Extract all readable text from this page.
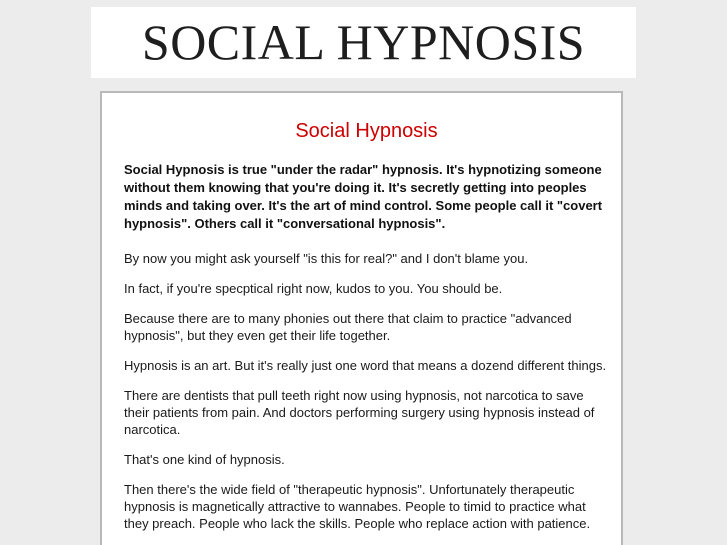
SOCIAL HYPNOSIS
Social Hypnosis

Social Hypnosis is true "under the radar" hypnosis. It's hypnotizing someone without them knowing that you're doing it. It's secretly getting into peoples minds and taking over. It's the art of mind control. Some people call it "covert hypnosis". Others call it "conversational hypnosis".

By now you might ask yourself "is this for real?" and I don't blame you.

In fact, if you're specptical right now, kudos to you. You should be.

Because there are to many phonies out there that claim to practice "advanced hypnosis", but they even get their life together.

Hypnosis is an art. But it's really just one word that means a dozend different things.

There are dentists that pull teeth right now using hypnosis, not narcotica to save their patients from pain. And doctors performing surgery using hypnosis instead of narcotica.

That's one kind of hypnosis.

Then there's the wide field of "therapeutic hypnosis". Unfortunately therapeutic hypnosis is magnetically attractive to wannabes. People to timid to practice what they preach. People who lack the skills. People who replace action with patience.
